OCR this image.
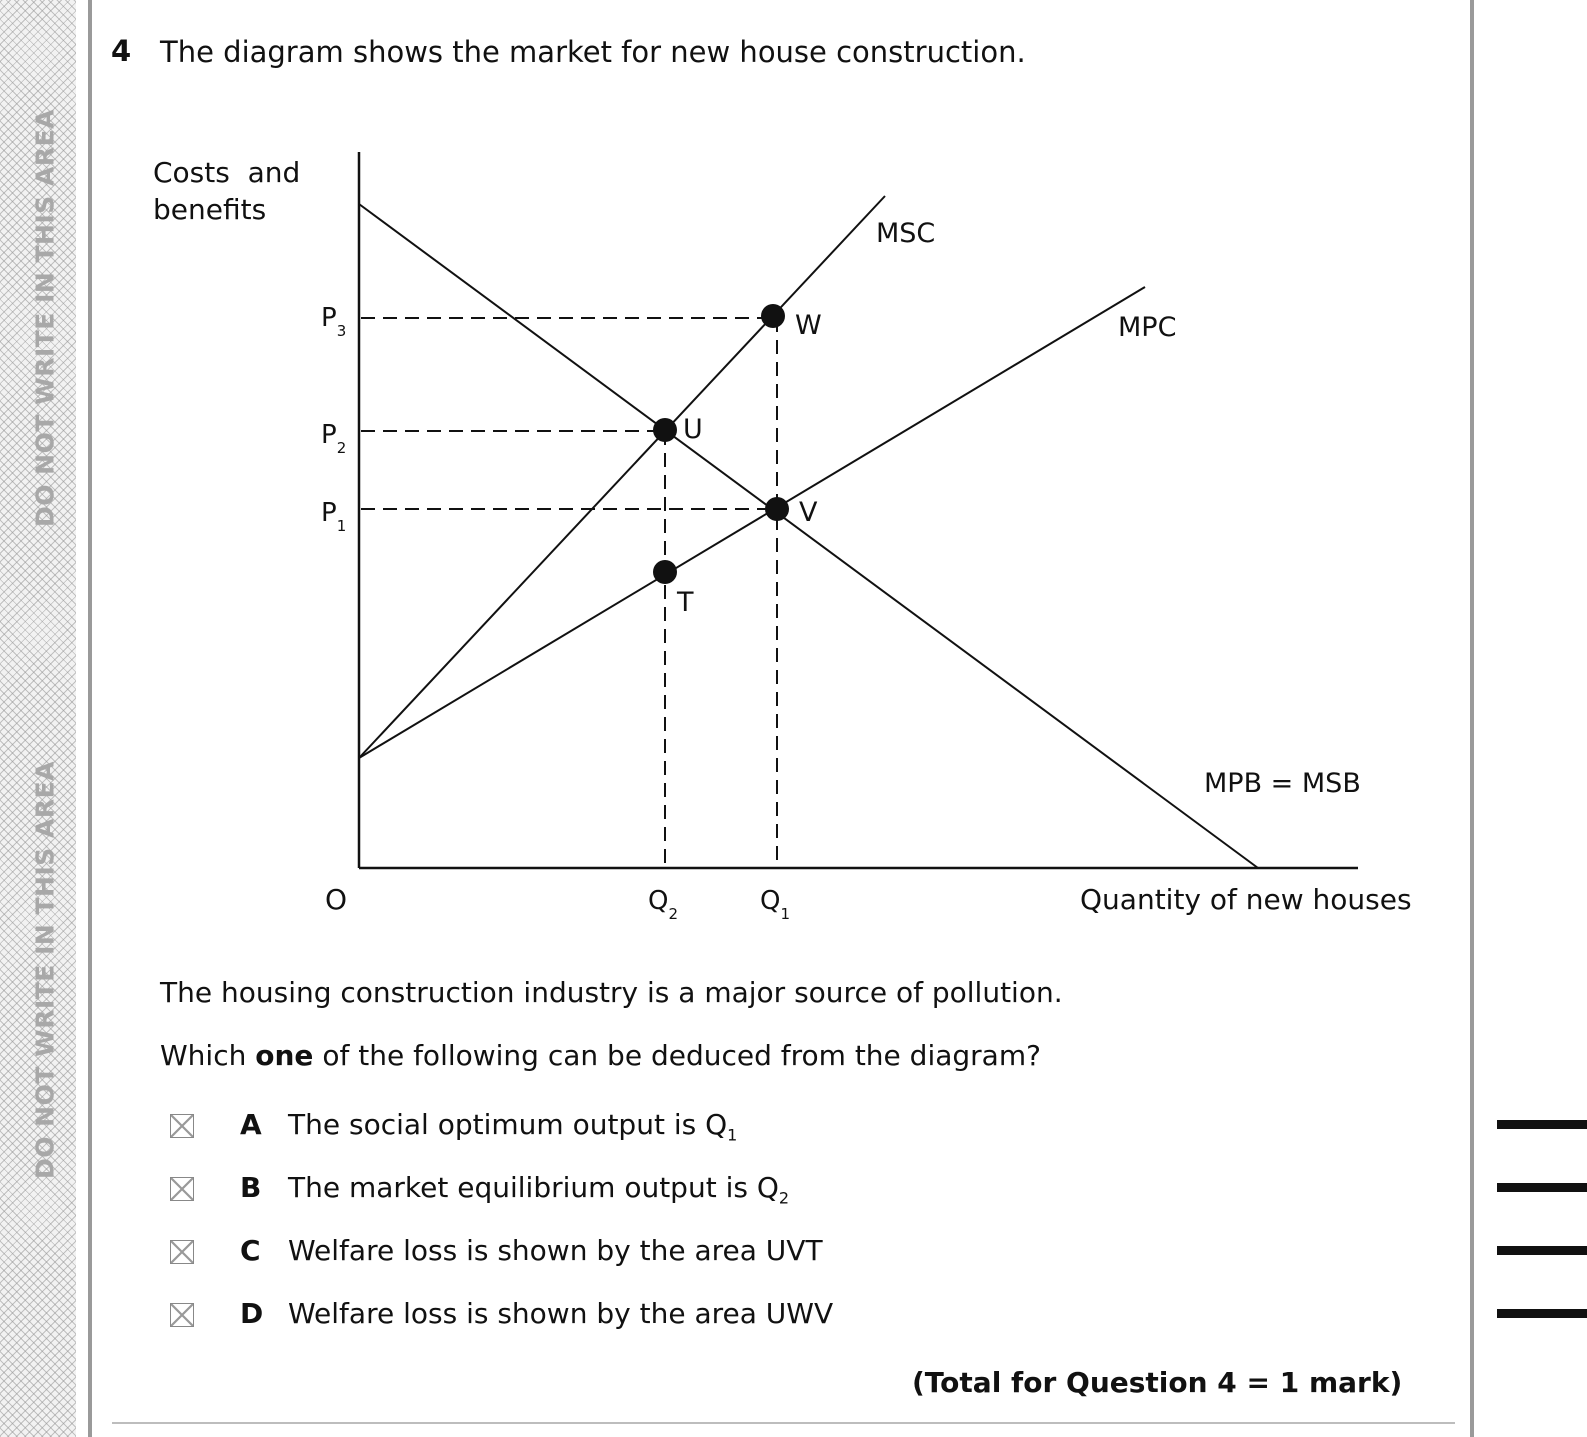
DO NOT WRITE IN THIS AREA
DO NOT WRITE IN THIS AREA
4 The diagram shows the market for new house construction.
Costs  and
benefits
Quantity of new houses
O
$P_3$
$P_2$
$P_1$
$Q_2$	$Q_1$
MSC
MPC
MPB = MSB
W
U
V
T
The housing construction industry is a major source of pollution.
Which one of the following can be deduced from the diagram?
A The social optimum output is $Q_1$
B The market equilibrium output is $Q_2$
C Welfare loss is shown by the area UVT
D Welfare loss is shown by the area UWV
(Total for Question 4 = 1 mark)
